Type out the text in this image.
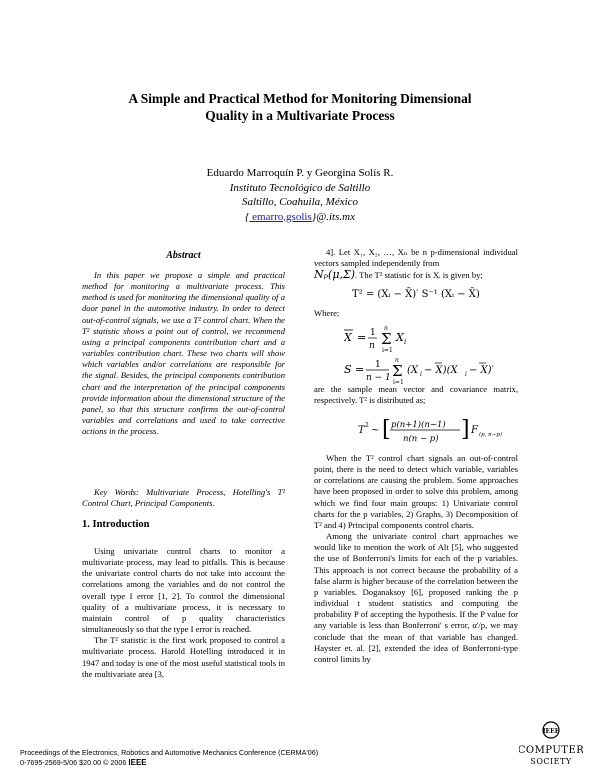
A Simple and Practical Method for Monitoring Dimensional
Quality in a Multivariate Process
Eduardo Marroquín P. y Georgina Solís R.
Instituto Tecnológico de Saltillo
Saltillo, Coahuila, México
{ emarro,gsolis}@.its.mx
Abstract
In this paper we propose a simple and practical method for monitoring a multivariate process. This method is used for monitoring the dimensional quality of a door panel in the automotive industry. In order to detect out-of-control signals, we use a T² control chart. When the T² statistic shows a point out of control, we recommend using a principal components contribution chart and a variables contribution chart. These two charts will show which variables and/or correlations are responsible for the signal. Besides, the principal components contribution chart and the interpretation of the principal components provide information about the dimensional structure of the panel, so that this structure confirms the out-of-control variables and correlations and used to take corrective actions in the process.
Key Words: Multivariate Process, Hotelling's T² Control Chart, Principal Components.
1. Introduction

Using univariate control charts to monitor a multivariate process, may lead to pitfalls. This is because the univariate control charts do not take into account the correlations among the variables and do not control the overall type I error [1, 2]. To control the dimensional quality of a multivariate process, it is necessary to maintain control of p quality characteristics simultaneously so that the type I error is reached.

The T² statistic is the first work proposed to control a multivariate process. Harold Hotelling introduced it in 1947 and today is one of the most useful statistical tools in the multivariate area [3,

4]. Let X₁, X₂, …, Xₙ be n p-dimensional individual vectors sampled independently from

Nₚ(μ,Σ). The T² statistic for is Xᵢ is given by;
T² = (Xᵢ − X̄)′ S⁻¹ (Xᵢ − X̄)
Where;
X = 1
n Σ
n
i=1
X i
S = 1
n − 1 Σ
n
i=1
(X i − X)(X i − X)′
are the sample mean vector and covariance matrix, respectively. T² is distributed as;
T 2 ~ [ p(n+1)(n−1)
n(n − p) ] F (p, n−p)

When the T² control chart signals an out-of-control point, there is the need to detect which variable, variables or correlations are causing the problem. Some approaches have been proposed in order to solve this problem, among which we find four main groups: 1) Univariate control charts for the p variables, 2) Graphs, 3) Decomposition of T² and 4) Principal components control charts.

Among the univariate control chart approaches we would like to mention the work of Alt [5], who suggested the use of Bonferroni's limits for each of the p variables. This approach is not correct because the probability of a false alarm is higher because of the correlation between the p variables. Doganaksoy [6], proposed ranking the p individual t student statistics and computing the probability P of accepting the hypothesis. If the P value for any variable is less than Bonferroni' s error, α'/p, we may conclude that the mean of that variable has changed. Hayster et. al. [2], extended the idea of Bonferroni-type control limits by

Proceedings of the Electronics, Robotics and Automotive Mechanics Conference (CERMA'06)
0-7695-2569-5/06 $20.00 © 2006 IEEE
IEEE
COMPUTER
SOCIETY
